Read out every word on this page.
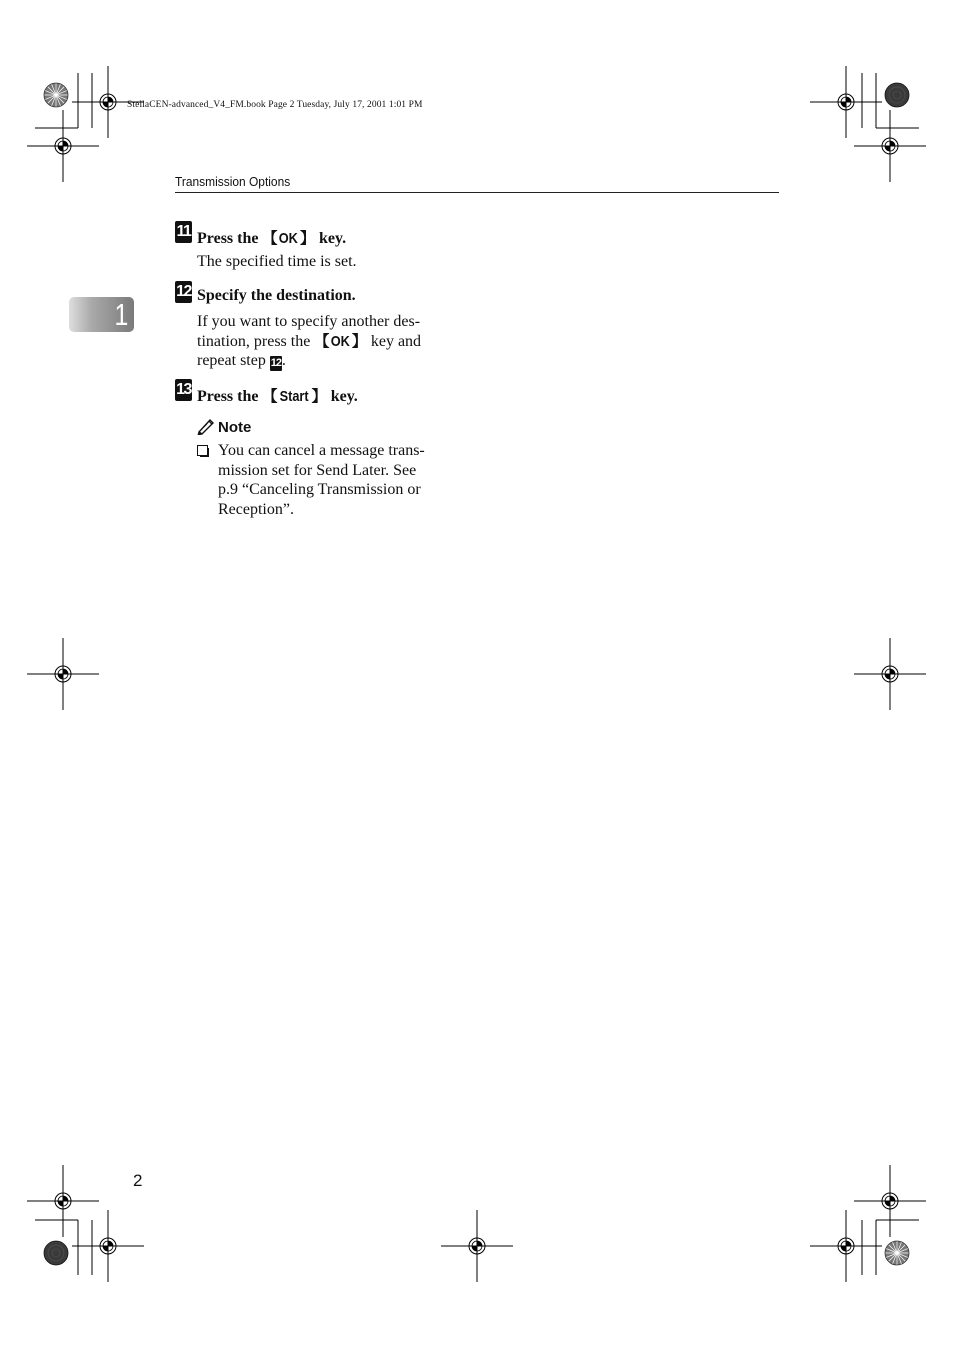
StellaCEN-advanced_V4_FM.book Page 2 Tuesday, July 17, 2001 1:01 PM
Transmission Options
1
11 Press the 【 OK 】 key.
The specified time is set.
12 Specify the destination.
If you want to specify another des-
tination, press the 【 OK 】 key and
repeat step 12.
13 Press the 【 Start 】 key.
Note
You can cancel a message trans-
mission set for Send Later. See
p.9 “Canceling Transmission or
Reception”.
2
